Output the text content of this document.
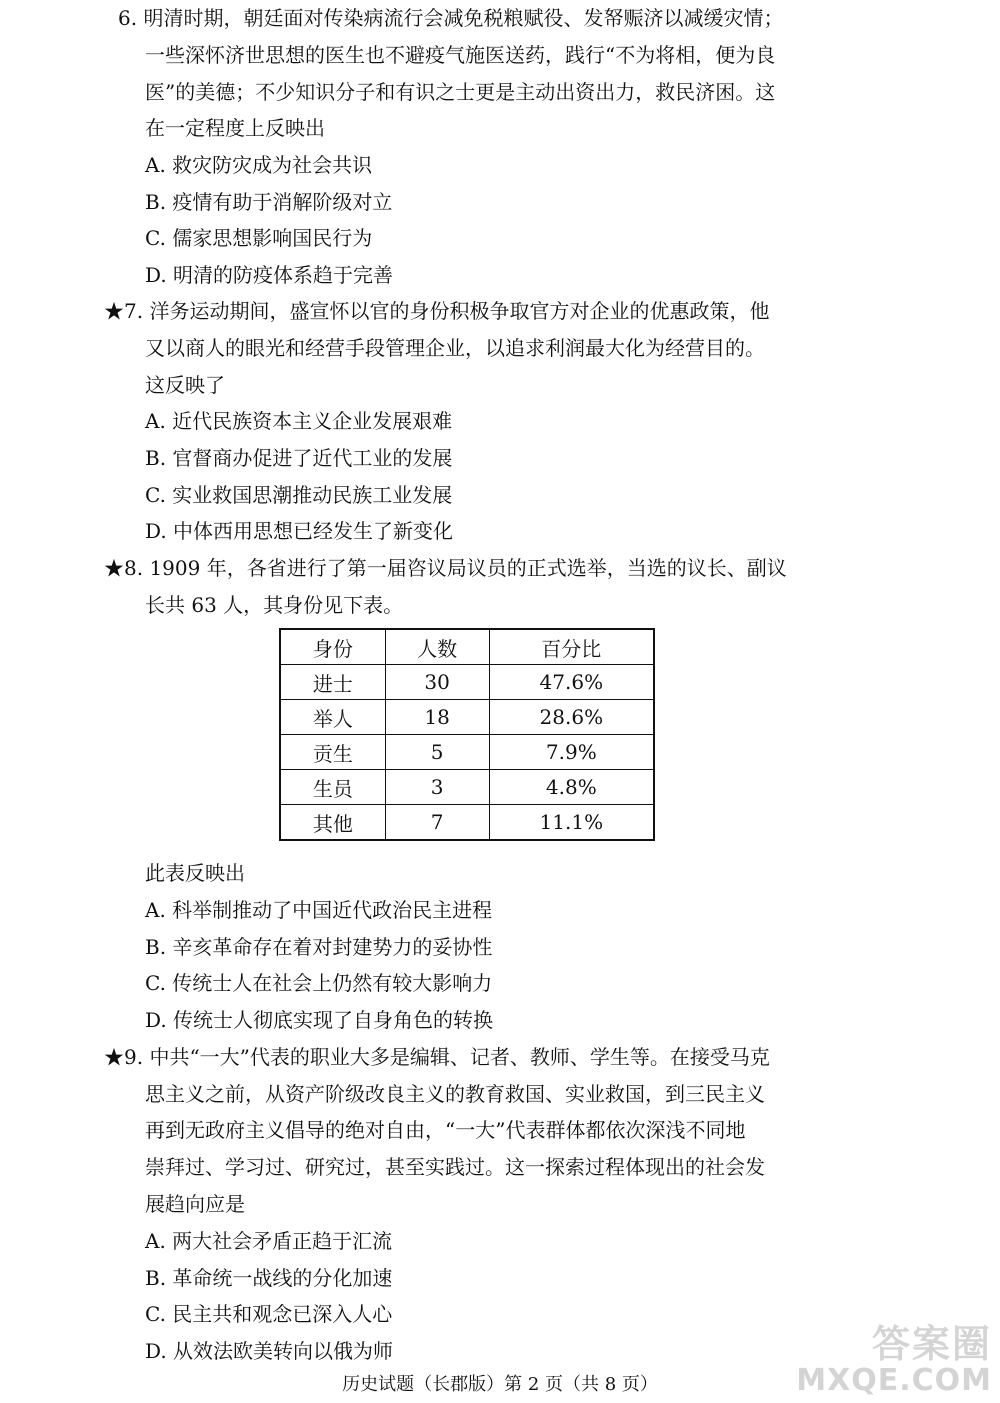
6. 明清时期，朝廷面对传染病流行会减免税粮赋役、发帑赈济以减缓灾情；
一些深怀济世思想的医生也不避疫气施医送药，践行“不为将相，便为良
医”的美德；不少知识分子和有识之士更是主动出资出力，救民济困。这
在一定程度上反映出
A. 救灾防灾成为社会共识
B. 疫情有助于消解阶级对立
C. 儒家思想影响国民行为
D. 明清的防疫体系趋于完善
★7. 洋务运动期间，盛宣怀以官的身份积极争取官方对企业的优惠政策，他
又以商人的眼光和经营手段管理企业，以追求利润最大化为经营目的。
这反映了
A. 近代民族资本主义企业发展艰难
B. 官督商办促进了近代工业的发展
C. 实业救国思潮推动民族工业发展
D. 中体西用思想已经发生了新变化
★8. 1909 年，各省进行了第一届咨议局议员的正式选举，当选的议长、副议
长共 63 人，其身份见下表。
身份	人数	百分比
进士	30	47.6%
举人	18	28.6%
贡生	5	7.9%
生员	3	4.8%
其他	7	11.1%
此表反映出
A. 科举制推动了中国近代政治民主进程
B. 辛亥革命存在着对封建势力的妥协性
C. 传统士人在社会上仍然有较大影响力
D. 传统士人彻底实现了自身角色的转换
★9. 中共“一大”代表的职业大多是编辑、记者、教师、学生等。在接受马克
思主义之前，从资产阶级改良主义的教育救国、实业救国，到三民主义
再到无政府主义倡导的绝对自由，“一大”代表群体都依次深浅不同地
崇拜过、学习过、研究过，甚至实践过。这一探索过程体现出的社会发
展趋向应是
A. 两大社会矛盾正趋于汇流
B. 革命统一战线的分化加速
C. 民主共和观念已深入人心
D. 从效法欧美转向以俄为师	答案圈
MXQE.COM
历史试题（长郡版）第 2 页（共 8 页）
